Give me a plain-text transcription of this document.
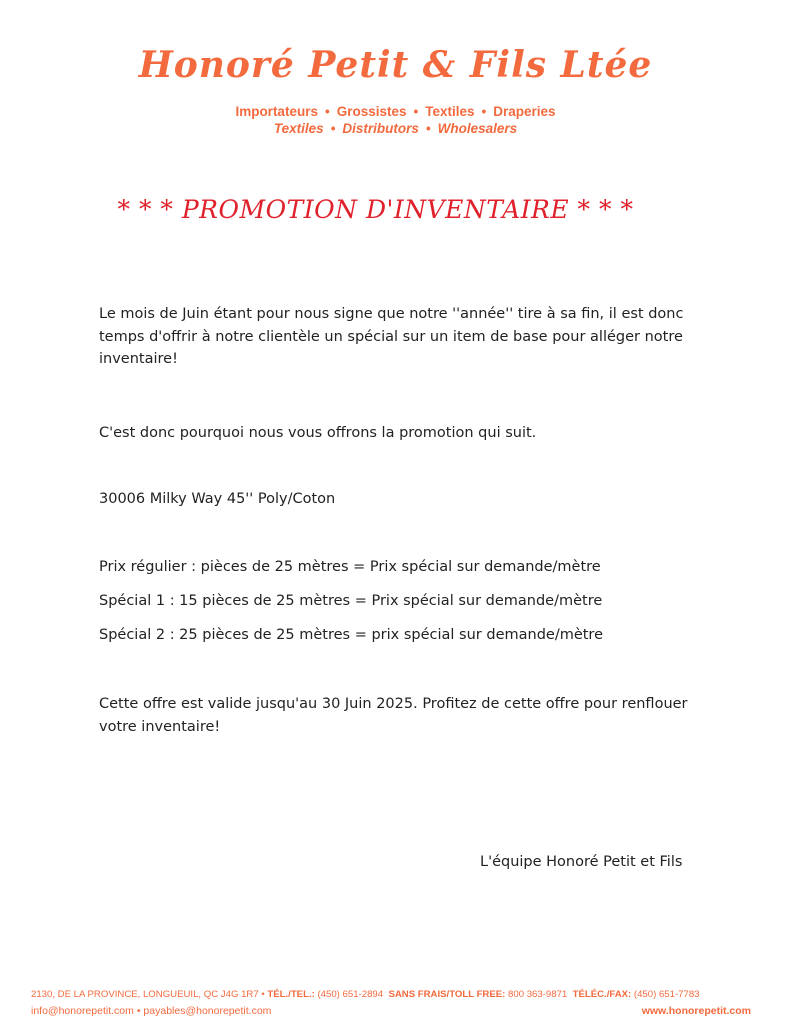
Honoré Petit & Fils Ltée
Importateurs • Grossistes • Textiles • Draperies
Textiles • Distributors • Wholesalers
* * * PROMOTION D'INVENTAIRE * * *
Le mois de Juin étant pour nous signe que notre ''année'' tire à sa fin, il est donc temps d'offrir à notre clientèle un spécial sur un item de base pour alléger notre inventaire!
C'est donc pourquoi nous vous offrons la promotion qui suit.
30006 Milky Way 45'' Poly/Coton
Prix régulier : pièces de 25 mètres = Prix spécial sur demande/mètre
Spécial 1 : 15 pièces de 25 mètres = Prix spécial sur demande/mètre
Spécial 2 : 25 pièces de 25 mètres = prix spécial sur demande/mètre
Cette offre est valide jusqu'au 30 Juin 2025. Profitez de cette offre pour renflouer votre inventaire!
L'équipe Honoré Petit et Fils
2130, DE LA PROVINCE, LONGUEUIL, QC J4G 1R7 • TÉL./TEL.: (450) 651-2894 SANS FRAIS/TOLL FREE: 800 363-9871 TÉLÉC./FAX: (450) 651-7783
info@honorepetit.com • payables@honorepetit.com	www.honorepetit.com
